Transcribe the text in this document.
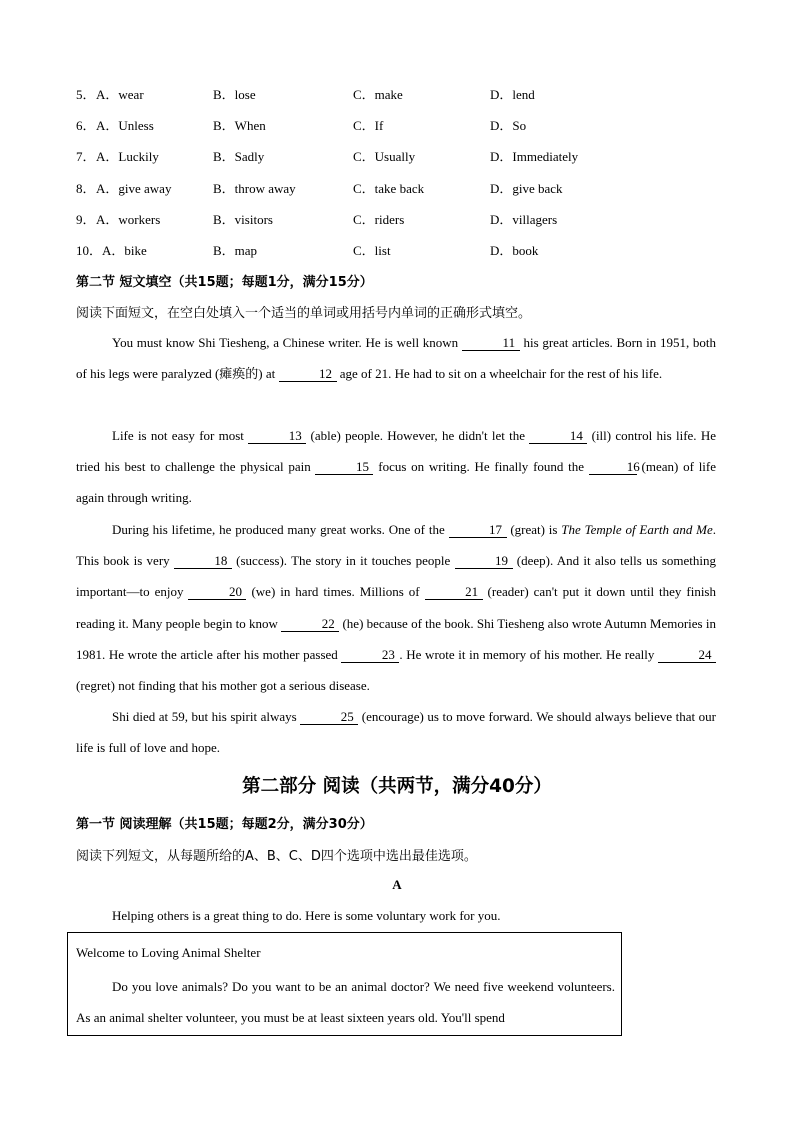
5． A．wear	B．lose	C．make	D．lend
6． A．Unless	B．When	C．If	D．So
7． A．Luckily	B．Sadly	C．Usually	D．Immediately
8． A．give away	B．throw away	C．take back	D．give back
9． A．workers	B．visitors	C．riders	D．villagers
10． A．bike	B．map	C．list	D．book
第二节 短文填空（共15题；每题1分，满分15分）
阅读下面短文，在空白处填入一个适当的单词或用括号内单词的正确形式填空。
You must know Shi Tiesheng, a Chinese writer. He is well known	11 his great articles. Born in 1951, both of his legs were paralyzed (瘫痪的) at	12 age of 21. He had to sit on a wheelchair for the rest of his life.
Life is not easy for most	13 (able) people. However, he didn't let the	14 (ill) control his life. He tried his best to challenge the physical pain	15 focus on writing. He finally found the	16 (mean) of life again through writing.
During his lifetime, he produced many great works. One of the	17 (great) is The Temple of Earth and Me. This book is very	18 (success). The story in it touches people	19 (deep). And it also tells us something important—to enjoy	20 (we) in hard times. Millions of	21 (reader) can't put it down until they finish reading it. Many people begin to know	22 (he) because of the book. Shi Tiesheng also wrote Autumn Memories in 1981. He wrote the article after his mother passed	23 . He wrote it in memory of his mother. He really	24 (regret) not finding that his mother got a serious disease.
Shi died at 59, but his spirit always	25 (encourage) us to move forward. We should always believe that our life is full of love and hope.
第二部分 阅读（共两节，满分40分）
第一节 阅读理解（共15题；每题2分，满分30分）
阅读下列短文，从每题所给的A、B、C、D四个选项中选出最佳选项。
A
Helping others is a great thing to do. Here is some voluntary work for you.
Welcome to Loving Animal Shelter
Do you love animals? Do you want to be an animal doctor? We need five weekend volunteers. As an animal shelter volunteer, you must be at least sixteen years old. You'll spend
